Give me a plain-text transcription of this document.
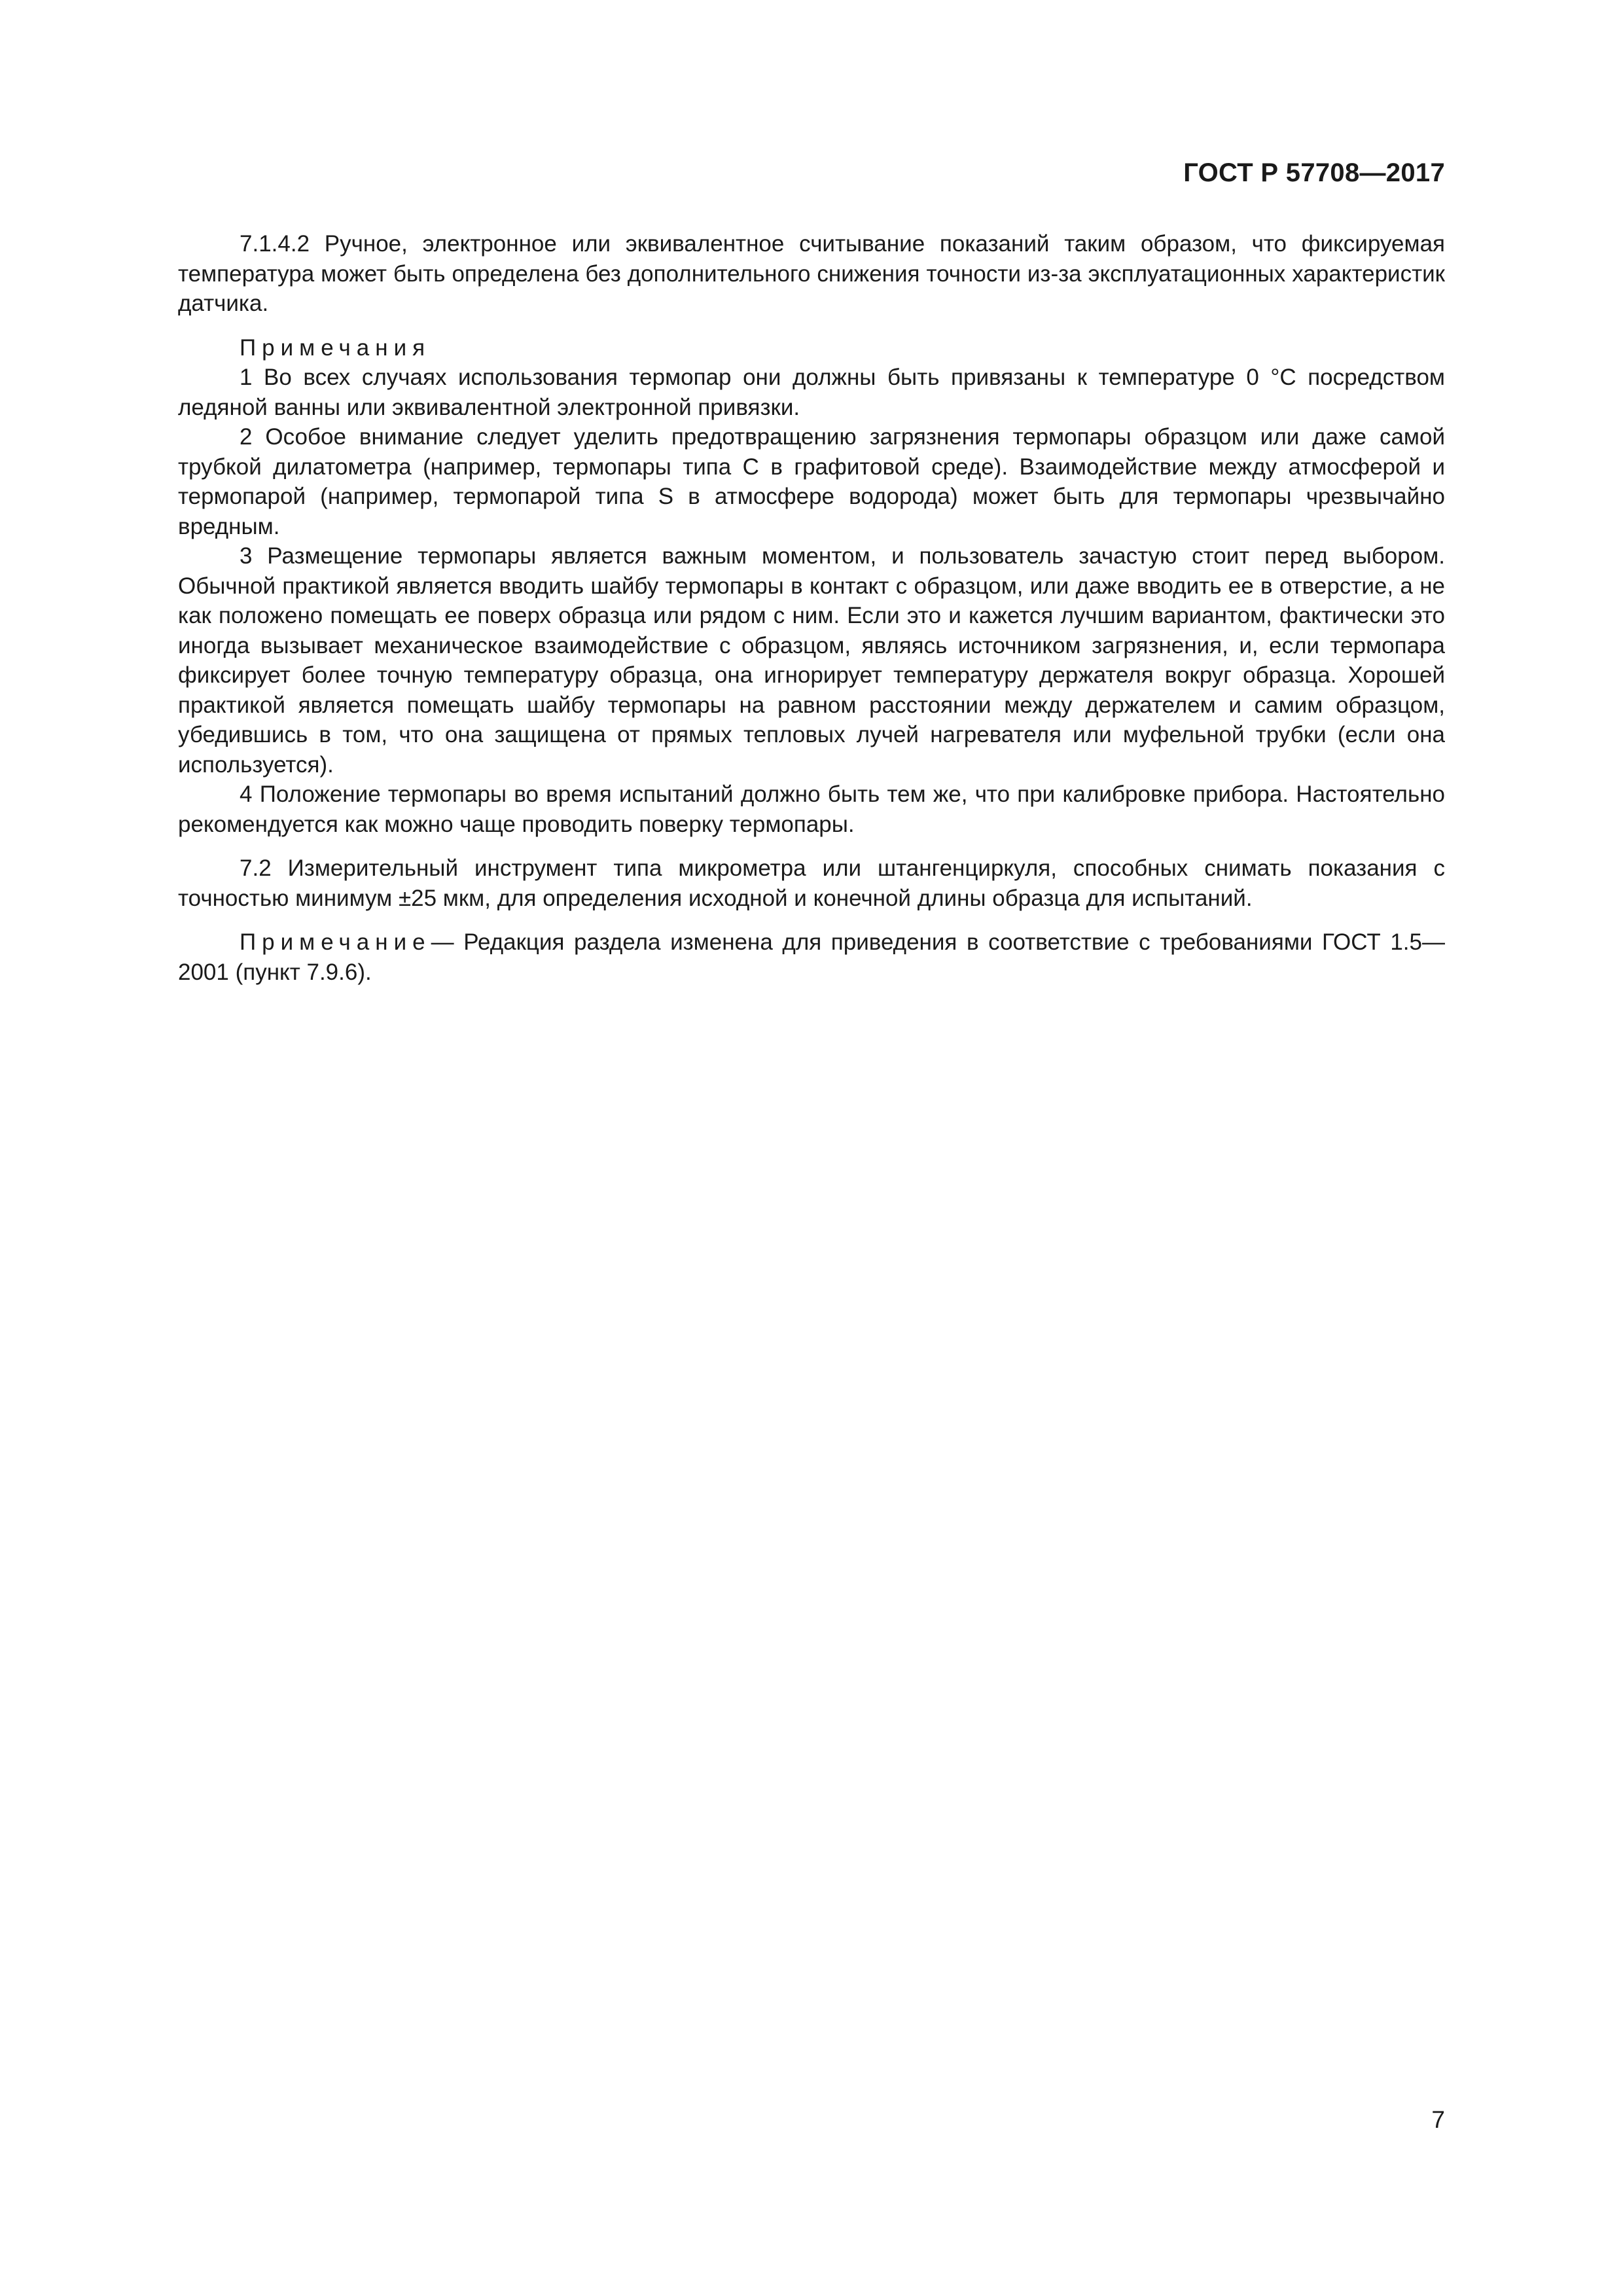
ГОСТ Р 57708—2017

7.1.4.2 Ручное, электронное или эквивалентное считывание показаний таким образом, что фиксируемая температура может быть определена без дополнительного снижения точности из-за эксплуатационных характеристик датчика.

Примечания

1 Во всех случаях использования термопар они должны быть привязаны к температуре 0 °С посредством ледяной ванны или эквивалентной электронной привязки.

2 Особое внимание следует уделить предотвращению загрязнения термопары образцом или даже самой трубкой дилатометра (например, термопары типа С в графитовой среде). Взаимодействие между атмосферой и термопарой (например, термопарой типа S в атмосфере водорода) может быть для термопары чрезвычайно вредным.

3 Размещение термопары является важным моментом, и пользователь зачастую стоит перед выбором. Обычной практикой является вводить шайбу термопары в контакт с образцом, или даже вводить ее в отверстие, а не как положено помещать ее поверх образца или рядом с ним. Если это и кажется лучшим вариантом, фактически это иногда вызывает механическое взаимодействие с образцом, являясь источником загрязнения, и, если термопара фиксирует более точную температуру образца, она игнорирует температуру держателя вокруг образца. Хорошей практикой является помещать шайбу термопары на равном расстоянии между держателем и самим образцом, убедившись в том, что она защищена от прямых тепловых лучей нагревателя или муфельной трубки (если она используется).

4 Положение термопары во время испытаний должно быть тем же, что при калибровке прибора. Настоятельно рекомендуется как можно чаще проводить поверку термопары.

7.2 Измерительный инструмент типа микрометра или штангенциркуля, способных снимать показания с точностью минимум ±25 мкм, для определения исходной и конечной длины образца для испытаний.

Примечание— Редакция раздела изменена для приведения в соответствие с требованиями ГОСТ 1.5—2001 (пункт 7.9.6).

7
